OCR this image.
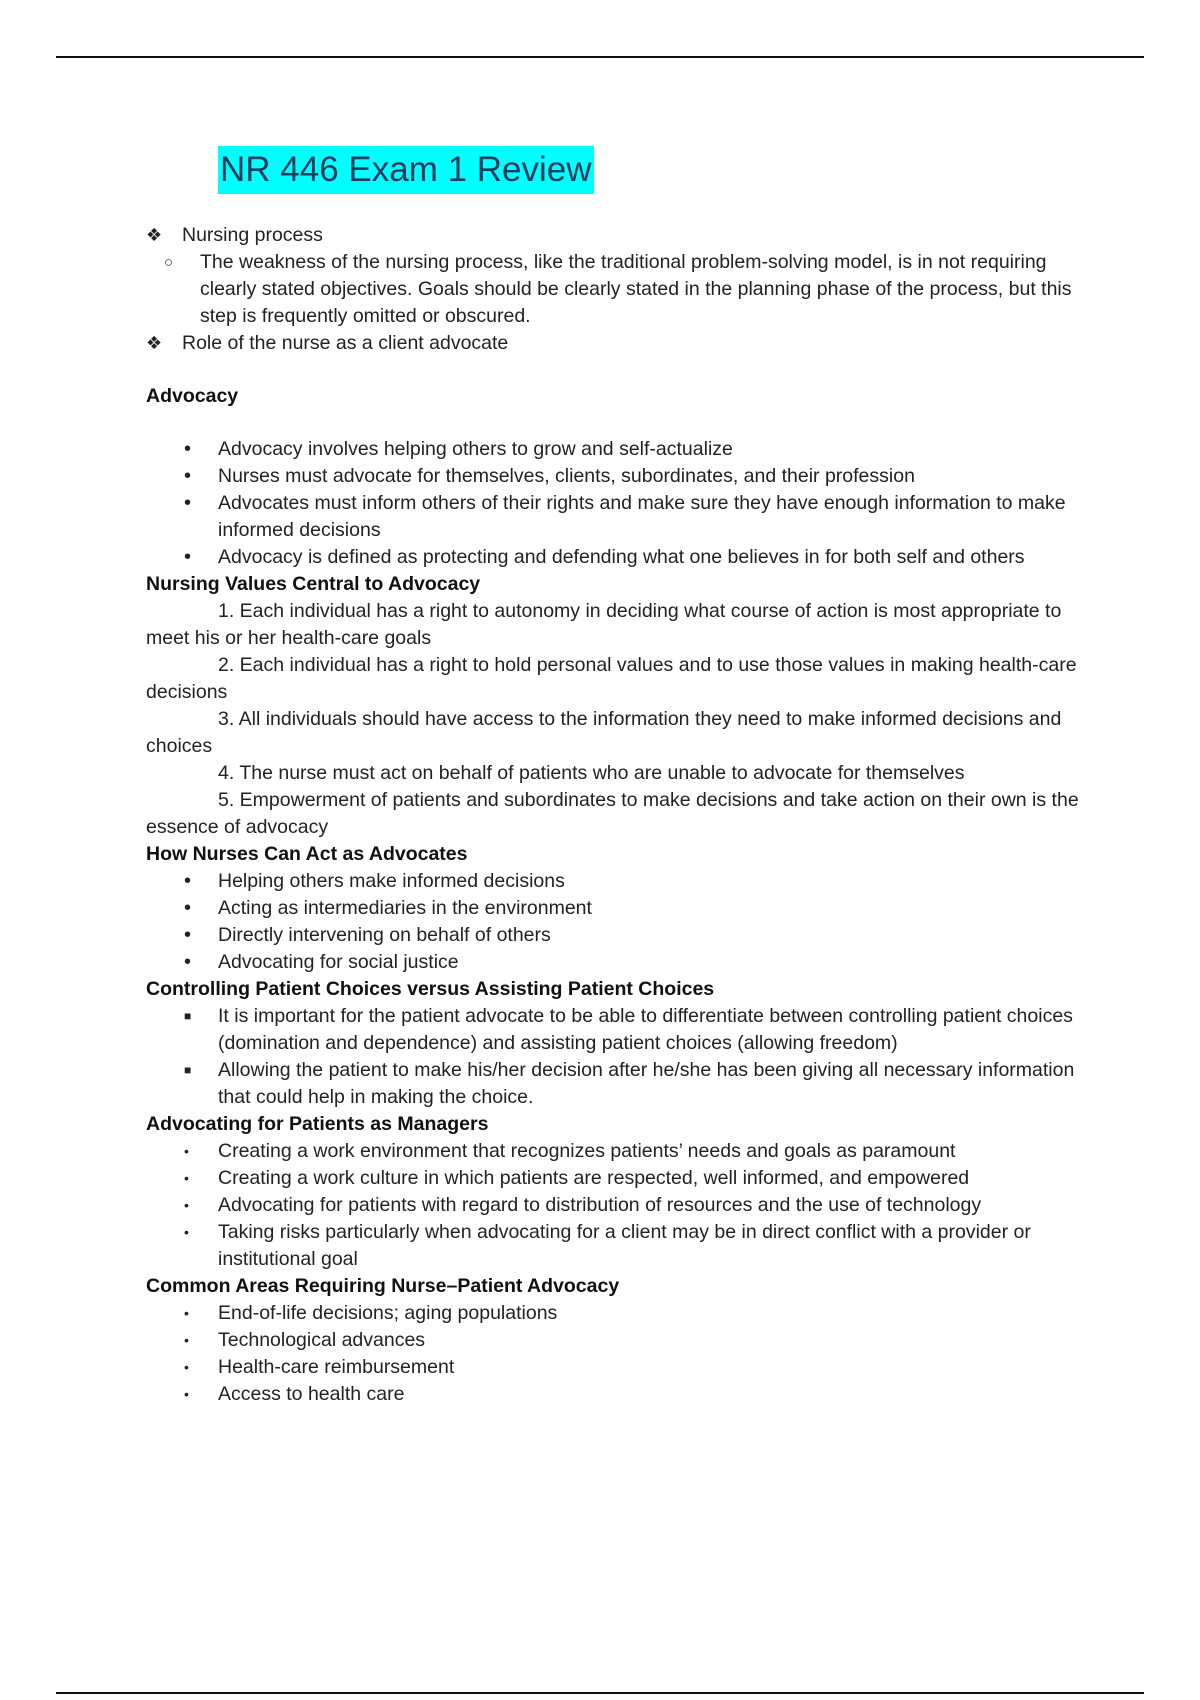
NR 446 Exam 1 Review
❖ Nursing process
○ The weakness of the nursing process, like the traditional problem-solving model, is in not requiring clearly stated objectives. Goals should be clearly stated in the planning phase of the process, but this step is frequently omitted or obscured.
❖ Role of the nurse as a client advocate
Advocacy
• Advocacy involves helping others to grow and self-actualize
• Nurses must advocate for themselves, clients, subordinates, and their profession
• Advocates must inform others of their rights and make sure they have enough information to make informed decisions
• Advocacy is defined as protecting and defending what one believes in for both self and others
Nursing Values Central to Advocacy
1. Each individual has a right to autonomy in deciding what course of action is most appropriate to meet his or her health-care goals
2. Each individual has a right to hold personal values and to use those values in making health-care decisions
3. All individuals should have access to the information they need to make informed decisions and choices
4. The nurse must act on behalf of patients who are unable to advocate for themselves
5. Empowerment of patients and subordinates to make decisions and take action on their own is the essence of advocacy
How Nurses Can Act as Advocates
• Helping others make informed decisions
• Acting as intermediaries in the environment
• Directly intervening on behalf of others
• Advocating for social justice
Controlling Patient Choices versus Assisting Patient Choices
■ It is important for the patient advocate to be able to differentiate between controlling patient choices (domination and dependence) and assisting patient choices (allowing freedom)
■ Allowing the patient to make his/her decision after he/she has been giving all necessary information that could help in making the choice.
Advocating for Patients as Managers
• Creating a work environment that recognizes patients’ needs and goals as paramount
• Creating a work culture in which patients are respected, well informed, and empowered
• Advocating for patients with regard to distribution of resources and the use of technology
• Taking risks particularly when advocating for a client may be in direct conflict with a provider or institutional goal
Common Areas Requiring Nurse–Patient Advocacy
• End-of-life decisions; aging populations
• Technological advances
• Health-care reimbursement
• Access to health care
